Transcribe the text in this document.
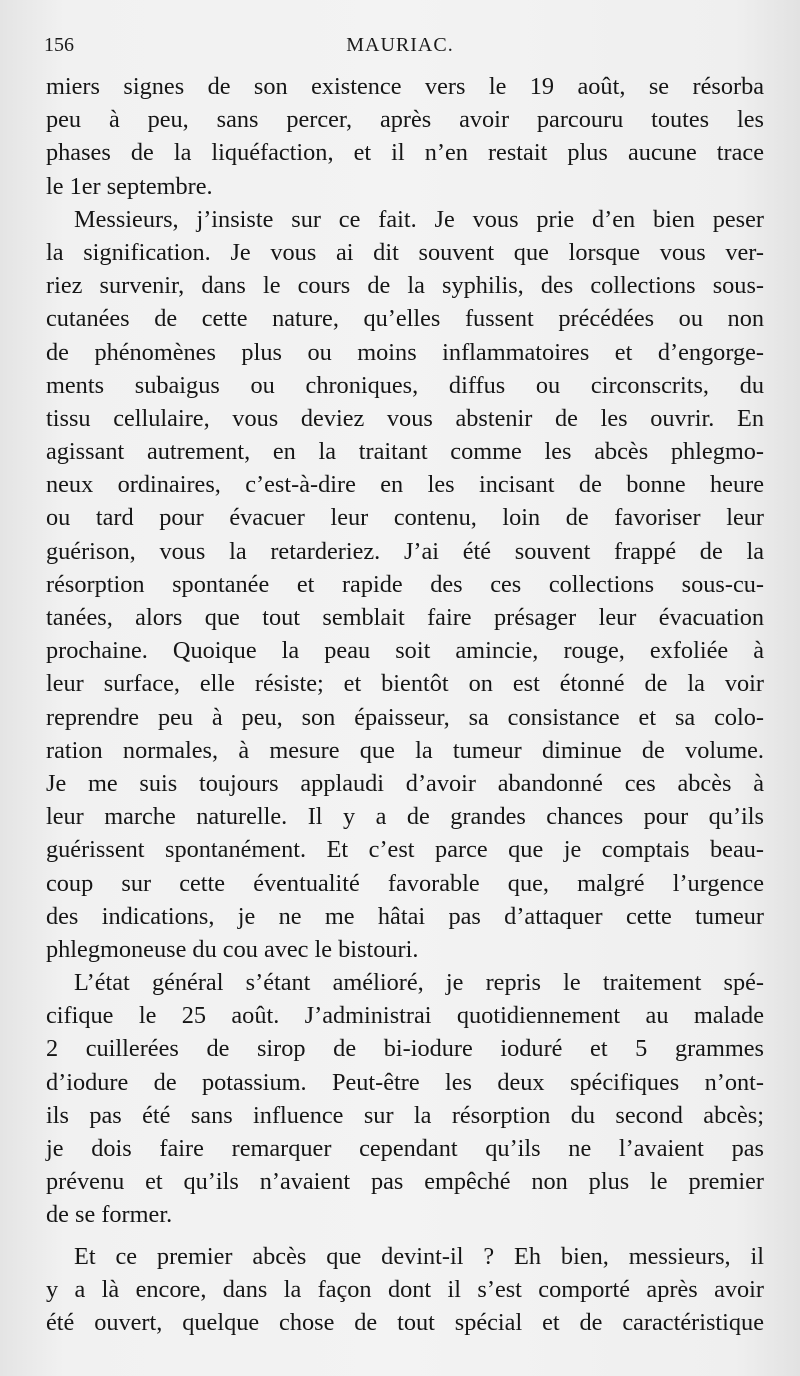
156	MAURIAC.
miers signes de son existence vers le 19 août, se résorba
peu à peu, sans percer, après avoir parcouru toutes les
phases de la liquéfaction, et il n’en restait plus aucune trace
le 1er septembre.
Messieurs, j’insiste sur ce fait. Je vous prie d’en bien peser
la signification. Je vous ai dit souvent que lorsque vous ver-
riez survenir, dans le cours de la syphilis, des collections sous-
cutanées de cette nature, qu’elles fussent précédées ou non
de phénomènes plus ou moins inflammatoires et d’engorge-
ments subaigus ou chroniques, diffus ou circonscrits, du
tissu cellulaire, vous deviez vous abstenir de les ouvrir. En
agissant autrement, en la traitant comme les abcès phlegmo-
neux ordinaires, c’est-à-dire en les incisant de bonne heure
ou tard pour évacuer leur contenu, loin de favoriser leur
guérison, vous la retarderiez. J’ai été souvent frappé de la
résorption spontanée et rapide des ces collections sous-cu-
tanées, alors que tout semblait faire présager leur évacuation
prochaine. Quoique la peau soit amincie, rouge, exfoliée à
leur surface, elle résiste; et bientôt on est étonné de la voir
reprendre peu à peu, son épaisseur, sa consistance et sa colo-
ration normales, à mesure que la tumeur diminue de volume.
Je me suis toujours applaudi d’avoir abandonné ces abcès à
leur marche naturelle. Il y a de grandes chances pour qu’ils
guérissent spontanément. Et c’est parce que je comptais beau-
coup sur cette éventualité favorable que, malgré l’urgence
des indications, je ne me hâtai pas d’attaquer cette tumeur
phlegmoneuse du cou avec le bistouri.
L’état général s’étant amélioré, je repris le traitement spé-
cifique le 25 août. J’administrai quotidiennement au malade
2 cuillerées de sirop de bi-iodure ioduré et 5 grammes
d’iodure de potassium. Peut-être les deux spécifiques n’ont-
ils pas été sans influence sur la résorption du second abcès;
je dois faire remarquer cependant qu’ils ne l’avaient pas
prévenu et qu’ils n’avaient pas empêché non plus le premier
de se former.
Et ce premier abcès que devint-il ? Eh bien, messieurs, il
y a là encore, dans la façon dont il s’est comporté après avoir
été ouvert, quelque chose de tout spécial et de caractéristique
